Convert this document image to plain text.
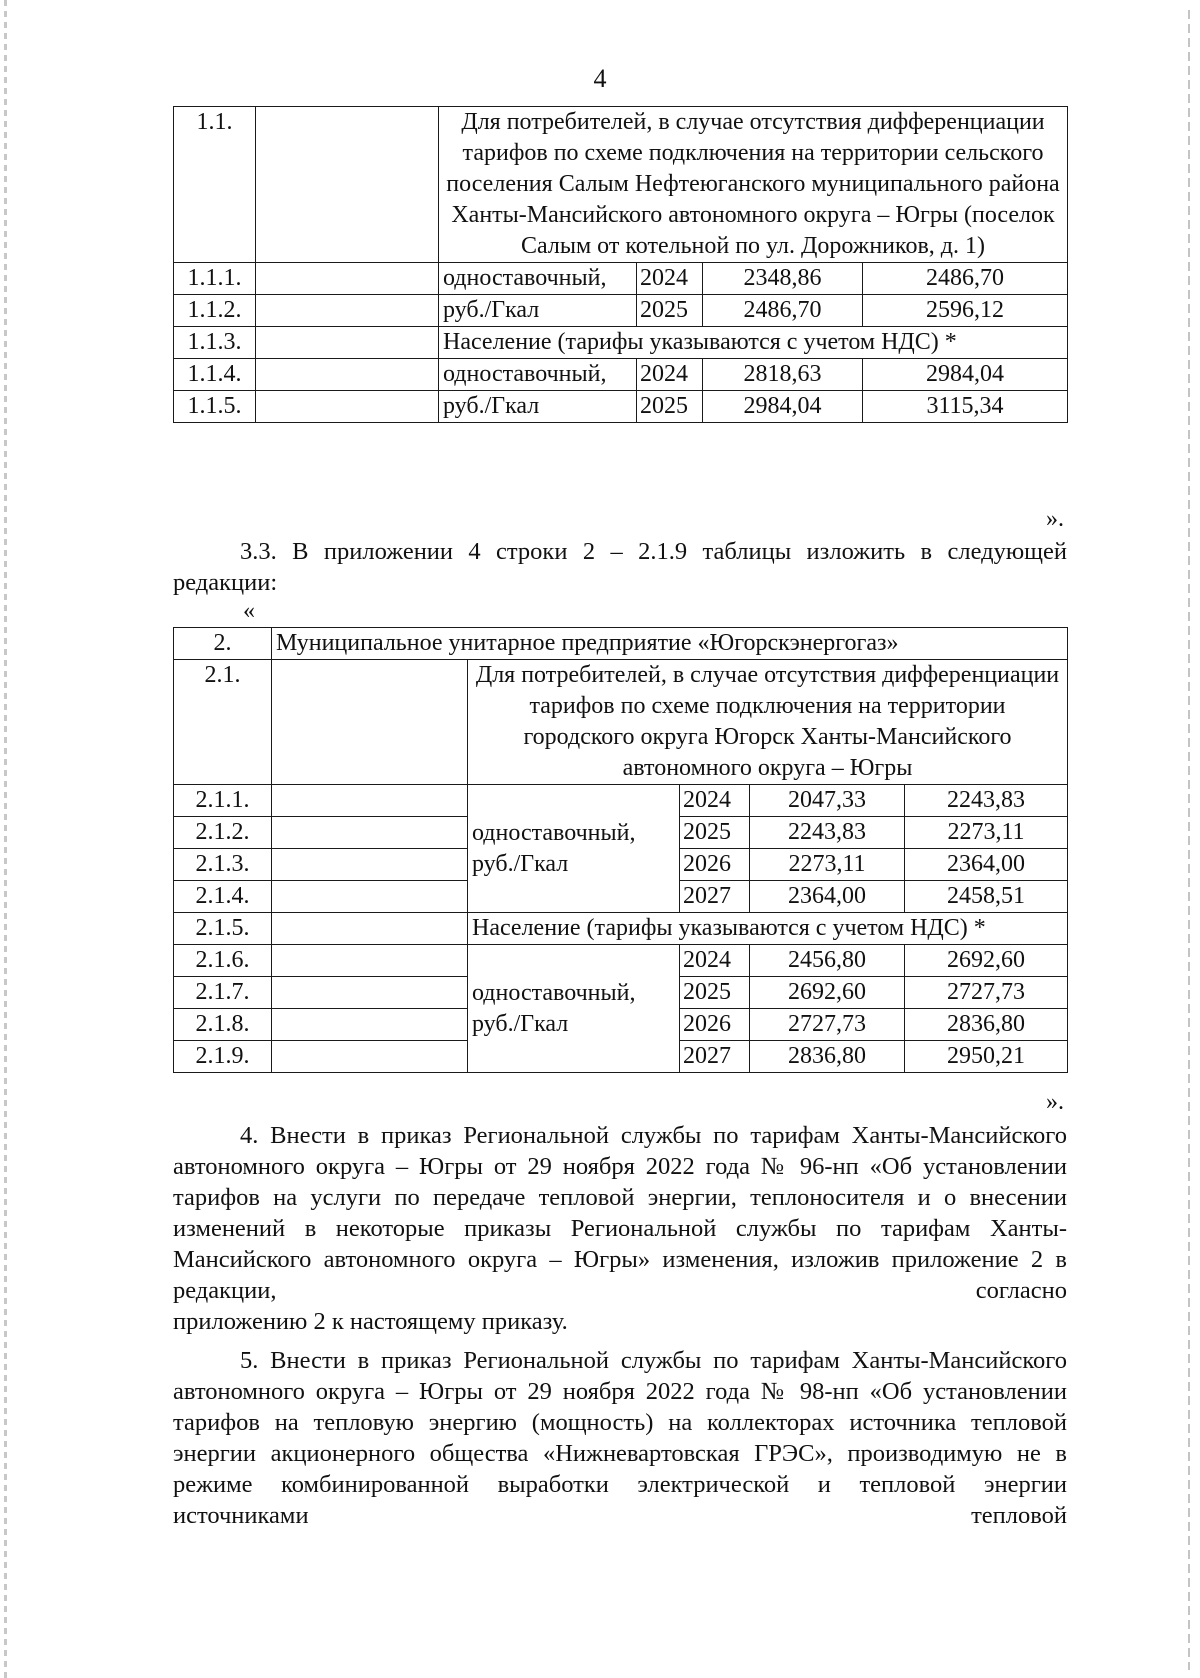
4
1.1.		Для потребителей, в случае отсутствия дифференциации тарифов по схеме подключения на территории сельского поселения Салым Нефтеюганского муниципального района Ханты-Мансийского автономного округа – Югры (поселок Салым от котельной по ул. Дорожников, д. 1)			
1.1.1.		одноставочный,	2024	2348,86	2486,70
1.1.2.		руб./Гкал	2025	2486,70	2596,12
1.1.3.		Население (тарифы указываются с учетом НДС) *			
1.1.4.		одноставочный,	2024	2818,63	2984,04
1.1.5.		руб./Гкал	2025	2984,04	3115,34
».
3.3. В приложении 4 строки 2 – 2.1.9 таблицы изложить в следующей
редакции:
«
2.	Муниципальное унитарное предприятие «Югорскэнергогаз»				
2.1.		Для потребителей, в случае отсутствия дифференциации тарифов по схеме подключения на территории городского округа Югорск Ханты-Мансийского автономного округа – Югры			
2.1.1.		одноставочный, руб./Гкал	2024	2047,33	2243,83
2.1.2.			2025	2243,83	2273,11
2.1.3.			2026	2273,11	2364,00
2.1.4.			2027	2364,00	2458,51
2.1.5.		Население (тарифы указываются с учетом НДС) *			
2.1.6.		одноставочный, руб./Гкал	2024	2456,80	2692,60
2.1.7.			2025	2692,60	2727,73
2.1.8.			2026	2727,73	2836,80
2.1.9.			2027	2836,80	2950,21
».
4. Внести в приказ Региональной службы по тарифам Ханты-Мансийского автономного округа – Югры от 29 ноября 2022 года № 96-нп «Об установлении тарифов на услуги по передаче тепловой энергии, теплоносителя и о внесении изменений в некоторые приказы Региональной службы по тарифам Ханты-Мансийского автономного округа – Югры» изменения, изложив приложение 2 в редакции, согласно
приложению 2 к настоящему приказу.
5. Внести в приказ Региональной службы по тарифам Ханты-Мансийского автономного округа – Югры от 29 ноября 2022 года № 98-нп «Об установлении тарифов на тепловую энергию (мощность) на коллекторах источника тепловой энергии акционерного общества «Нижневартовская ГРЭС», производимую не в режиме комбинированной выработки электрической и тепловой энергии источниками тепловой
